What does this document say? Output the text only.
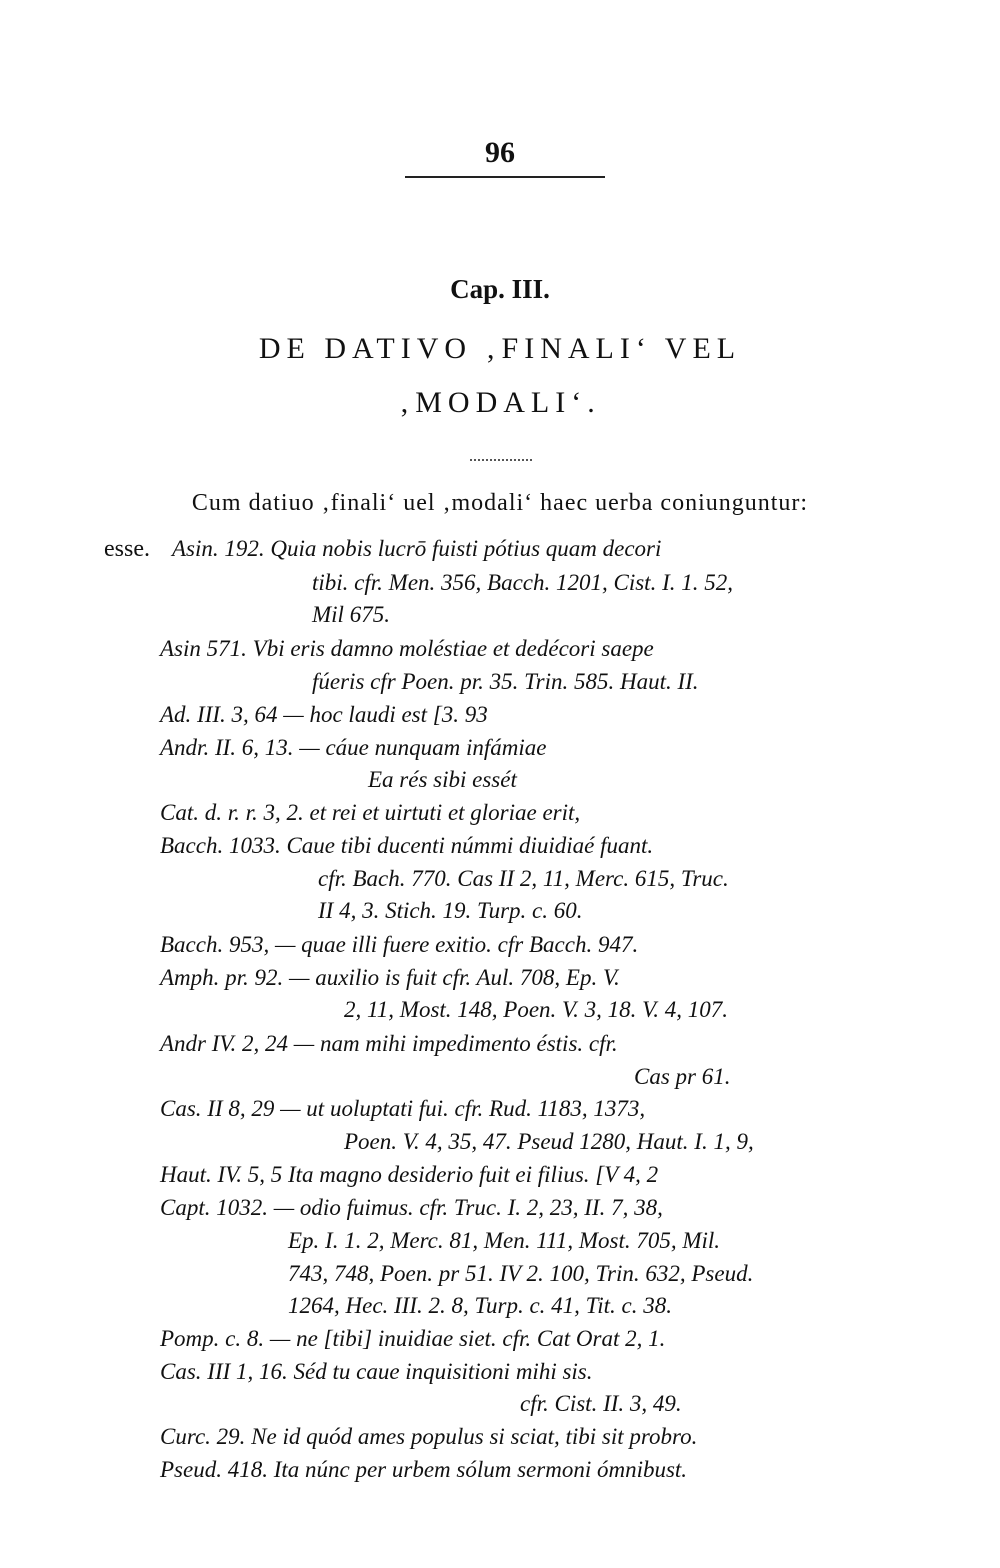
96
Cap. III.
DE DATIVO ‚FINALI‘ VEL
‚MODALI‘.
Cum datiuo ‚finali‘ uel ‚modali‘ haec uerba coniunguntur:
esse. Asin. 192. Quia nobis lucrō fuisti pótius quam decori
tibi. cfr. Men. 356, Bacch. 1201, Cist. I. 1. 52,
Mil 675.
Asin 571. Vbi eris damno moléstiae et dedécori saepe
fúeris cfr Poen. pr. 35. Trin. 585. Haut. II.
Ad. III. 3, 64 — hoc laudi est [3. 93
Andr. II. 6, 13. — cáue nunquam infámiae
Ea rés sibi essét
Cat. d. r. r. 3, 2. et rei et uirtuti et gloriae erit,
Bacch. 1033. Caue tibi ducenti númmi diuidiaé fuant.
cfr. Bach. 770. Cas II 2, 11, Merc. 615, Truc.
II 4, 3. Stich. 19. Turp. c. 60.
Bacch. 953, — quae illi fuere exitio. cfr Bacch. 947.
Amph. pr. 92. — auxilio is fuit cfr. Aul. 708, Ep. V.
2, 11, Most. 148, Poen. V. 3, 18. V. 4, 107.
Andr IV. 2, 24 — nam mihi impedimento éstis. cfr.
Cas pr 61.
Cas. II 8, 29 — ut uoluptati fui. cfr. Rud. 1183, 1373,
Poen. V. 4, 35, 47. Pseud 1280, Haut. I. 1, 9,
Haut. IV. 5, 5 Ita magno desiderio fuit ei filius. [V 4, 2
Capt. 1032. — odio fuimus. cfr. Truc. I. 2, 23, II. 7, 38,
Ep. I. 1. 2, Merc. 81, Men. 111, Most. 705, Mil.
743, 748, Poen. pr 51. IV 2. 100, Trin. 632, Pseud.
1264, Hec. III. 2. 8, Turp. c. 41, Tit. c. 38.
Pomp. c. 8. — ne [tibi] inuidiae siet. cfr. Cat Orat 2, 1.
Cas. III 1, 16. Séd tu caue inquisitioni mihi sis.
cfr. Cist. II. 3, 49.
Curc. 29. Ne id quód ames populus si sciat, tibi sit probro.
Pseud. 418. Ita núnc per urbem sólum sermoni ómnibust.
